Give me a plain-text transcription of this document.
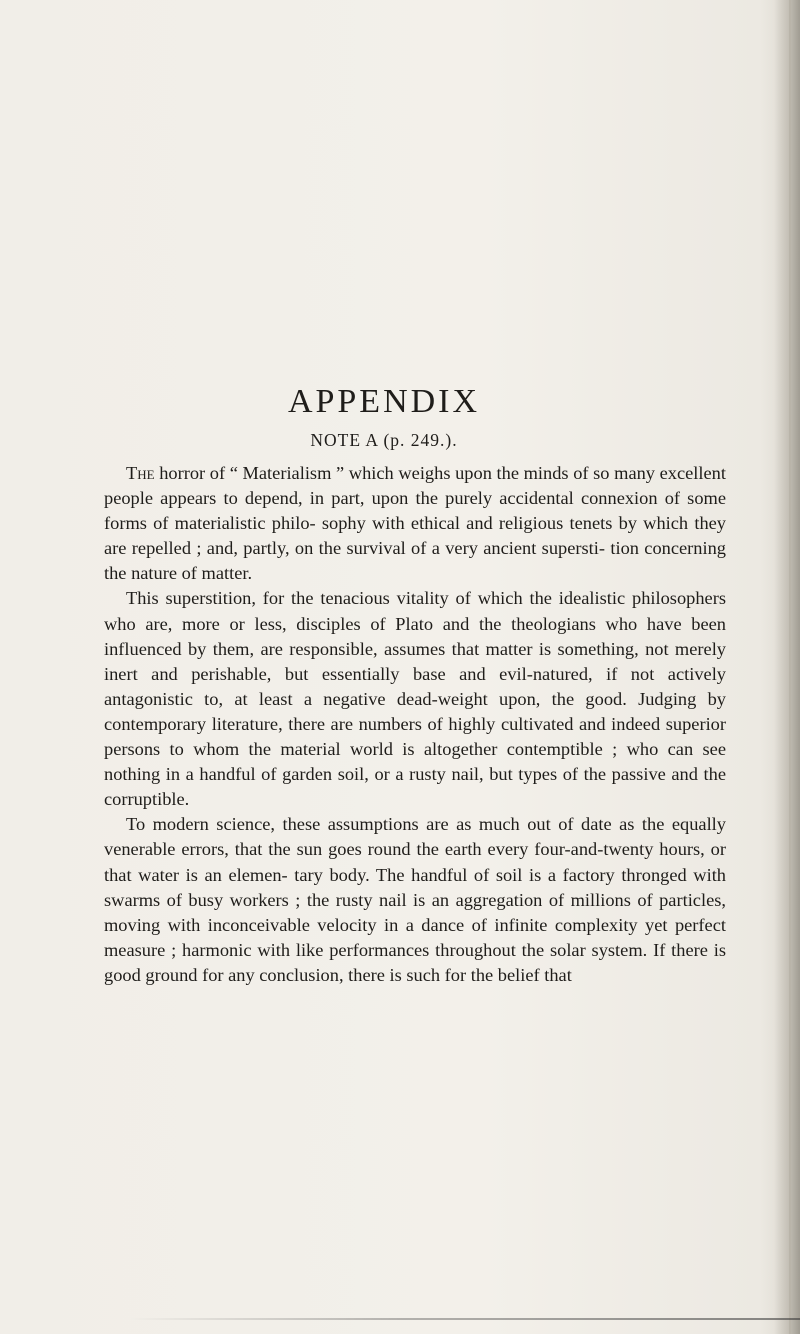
APPENDIX
NOTE A (p. 249.).

The horror of “ Materialism ” which weighs upon the minds of so many excellent people appears to depend, in part, upon the purely accidental connexion of some forms of materialistic philo- sophy with ethical and religious tenets by which they are repelled ; and, partly, on the survival of a very ancient supersti- tion concerning the nature of matter.

This superstition, for the tenacious vitality of which the idealistic philosophers who are, more or less, disciples of Plato and the theologians who have been influenced by them, are responsible, assumes that matter is something, not merely inert and perishable, but essentially base and evil-natured, if not actively antagonistic to, at least a negative dead-weight upon, the good. Judging by contemporary literature, there are numbers of highly cultivated and indeed superior persons to whom the material world is altogether contemptible ; who can see nothing in a handful of garden soil, or a rusty nail, but types of the passive and the corruptible.

To modern science, these assumptions are as much out of date as the equally venerable errors, that the sun goes round the earth every four-and-twenty hours, or that water is an elemen- tary body. The handful of soil is a factory thronged with swarms of busy workers ; the rusty nail is an aggregation of millions of particles, moving with inconceivable velocity in a dance of infinite complexity yet perfect measure ; harmonic with like performances throughout the solar system. If there is good ground for any conclusion, there is such for the belief that
